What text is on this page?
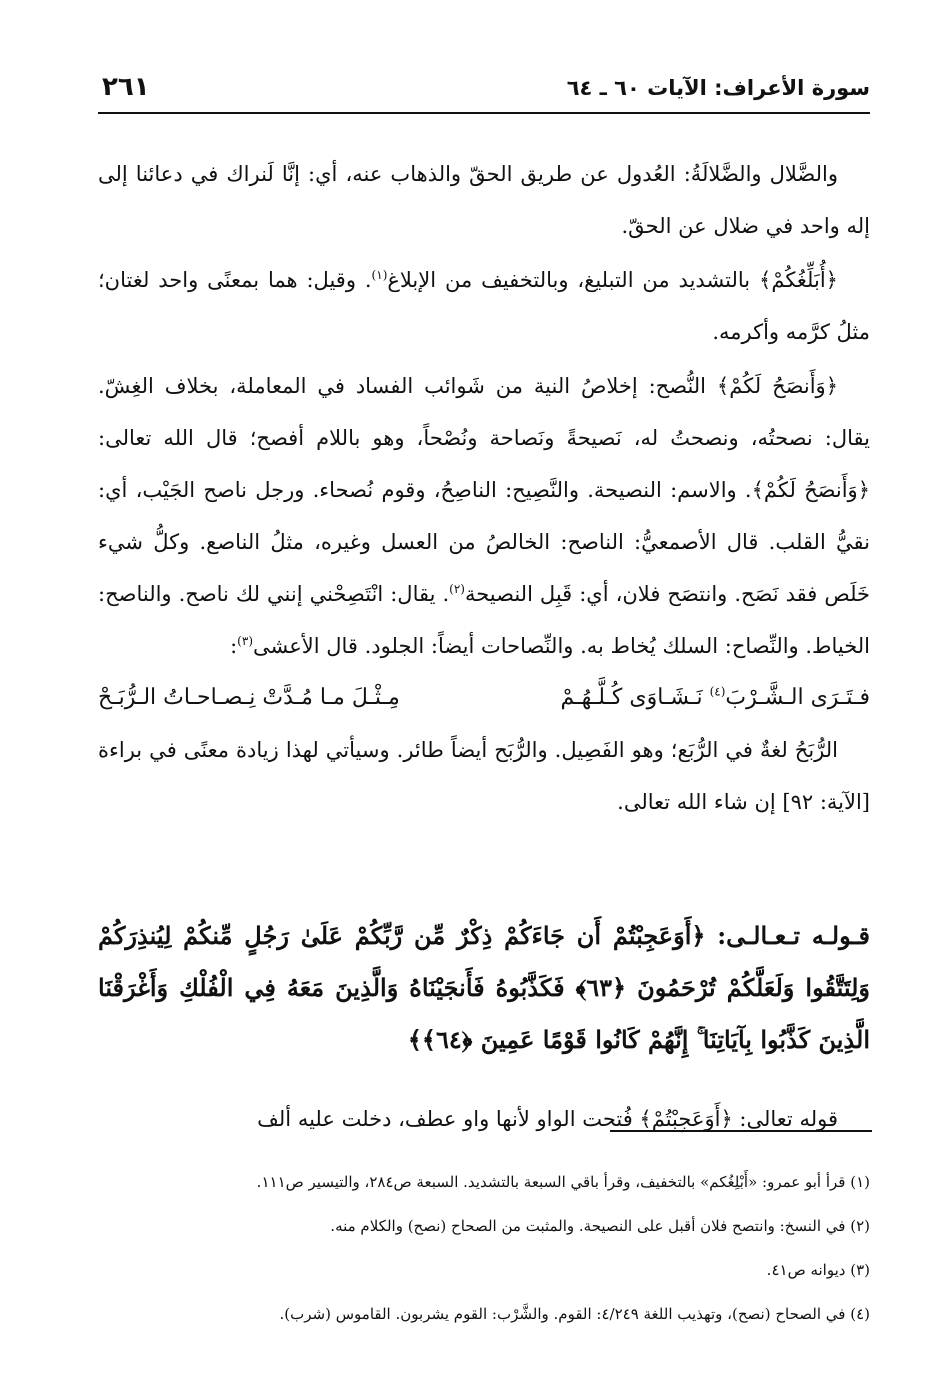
٢٦١	سورة الأعراف: الآيات ٦٠ ـ ٦٤

والضَّلال والضَّلالَةُ: العُدول عن طريق الحقّ والذهاب عنه، أي: إنَّا لَنراك في دعائنا إلى إله واحد في ضلال عن الحقّ.

﴿أُبَلِّغُكُمْ﴾ بالتشديد من التبليغ، وبالتخفيف من الإبلاغ$^{(١)}$. وقيل: هما بمعنًى واحد لغتان؛ مثلُ كرَّمه وأكرمه.

﴿وَأَنصَحُ لَكُمْ﴾ النُّصح: إخلاصُ النية من شَوائب الفساد في المعاملة، بخلاف الغِشّ. يقال: نصحتُه، ونصحتُ له، نَصيحةً ونَصاحة ونُصْحاً، وهو باللام أفصح؛ قال الله تعالى: ﴿وَأَنصَحُ لَكُمْ﴾. والاسم: النصيحة. والنَّصِيح: الناصِحُ، وقوم نُصحاء. ورجل ناصح الجَيْب، أي: نقيُّ القلب. قال الأصمعيُّ: الناصح: الخالصُ من العسل وغيره، مثلُ الناصع. وكلُّ شيء خَلَص فقد نَصَح. وانتصَح فلان، أي: قَبِل النصيحة$^{(٢)}$. يقال: انْتَصِحْني إنني لك ناصح. والناصح: الخياط. والنِّصاح: السلك يُخاط به. والنِّصاحات أيضاً: الجلود. قال الأعشى$^{(٣)}$:

فـتَـرَى الـشَّـرْبَ$^{(٤)}$ نَـشَـاوَى كُـلَّـهُـمْ
مِـثْـلَ مـا مُـدَّتْ نِـصـاحـاتُ الـرُّبَـحْ

الرُّبَحُ لغةٌ في الرُّبَع؛ وهو الفَصِيل. والرُّبَح أيضاً طائر. وسيأتي لهذا زيادة معنًى في براءة [الآية: ٩٢] إن شاء الله تعالى.

قـولـه تـعـالـى: ﴿أَوَعَجِبْتُمْ أَن جَاءَكُمْ ذِكْرٌ مِّن رَّبِّكُمْ عَلَىٰ رَجُلٍ مِّنكُمْ لِيُنذِرَكُمْ وَلِتَتَّقُوا وَلَعَلَّكُمْ تُرْحَمُونَ ﴿٦٣﴾ فَكَذَّبُوهُ فَأَنجَيْنَاهُ وَالَّذِينَ مَعَهُ فِي الْفُلْكِ وَأَغْرَقْنَا الَّذِينَ كَذَّبُوا بِآيَاتِنَا ۚ إِنَّهُمْ كَانُوا قَوْمًا عَمِينَ ﴿٦٤﴾﴾

قوله تعالى: ﴿أَوَعَجِبْتُمْ﴾ فُتحت الواو لأنها واو عطف، دخلت عليه ألف

(١) قرأ أبو عمرو: «أَبْلِغُكم» بالتخفيف، وقرأ باقي السبعة بالتشديد. السبعة ص٢٨٤، والتيسير ص١١١.

(٢) في النسخ: وانتصح فلان أقبل على النصيحة. والمثبت من الصحاح (نصح) والكلام منه.

(٣) ديوانه ص٤١.

(٤) في الصحاح (نصح)، وتهذيب اللغة ٤/٢٤٩: القوم. والشَّرْب: القوم يشربون. القاموس (شرب).
